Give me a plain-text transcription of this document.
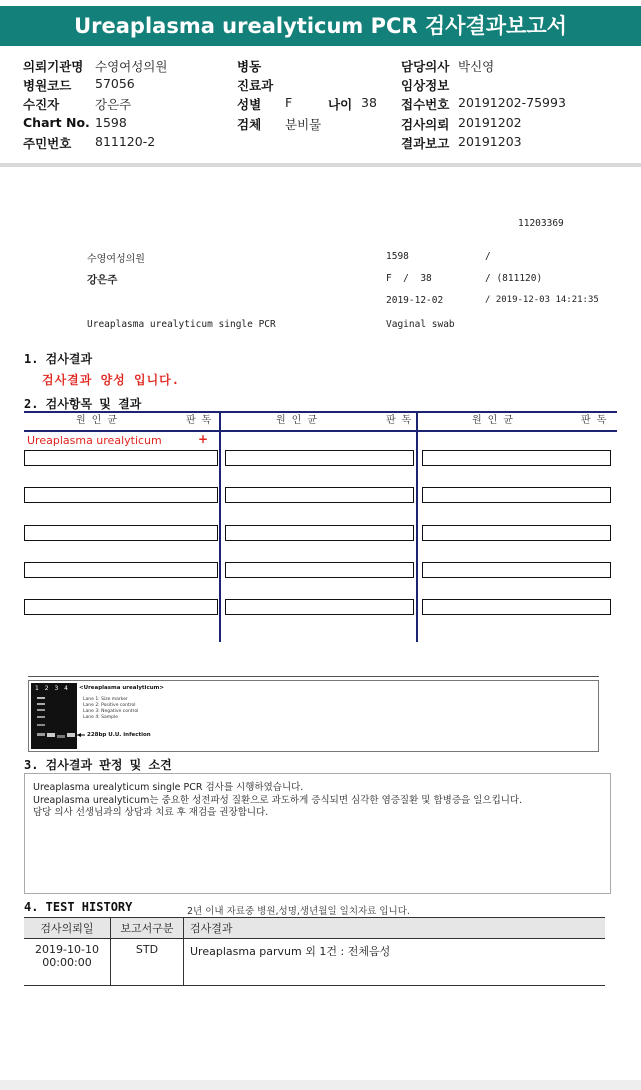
Ureaplasma urealyticum PCR 검사결과보고서
의뢰기관명 수영여성의원
병원코드 57056
수진자	강은주
Chart No. 1598
주민번호 811120-2
병동
진료과
성별 F	나이 38
검체 분비물
담당의사 박신영
임상정보
접수번호 20191202-75993
검사의뢰 20191202
결과보고 20191203
11203369
수영여성의원	1598	/
강은주	F  /  38	/ (811120)
2019-12-02	/ 2019-12-03 14:21:35
Ureaplasma urealyticum single PCR	Vaginal swab
1. 검사결과
검사결과 양성 입니다.
2. 검사항목 및 결과
원 인 균	판 독	원 인 균	판 독	원 인 균	판 독
Ureaplasma urealyticum	+
1 2 3 4 <Ureaplasma urealyticum>
Lane 1: Size marker
Lane 2: Positive control
Lane 3: Negative control
Lane 4: Sample
228bp U.U. infection
3. 검사결과 판정 및 소견
Ureaplasma urealyticum single PCR 검사를 시행하였습니다.
Ureaplasma urealyticum는 중요한 성전파성 질환으로 과도하게 증식되면 심각한 염증질환 및 합병증을 일으킵니다.
담당 의사 선생님과의 상담과 치료 후 재검을 권장합니다.
4. TEST HISTORY	2년 이내 자료중 병원,성명,생년월일 일치자료 입니다.
검사의뢰일	보고서구분	검사결과

2019-10-10
00:00:00	STD	Ureaplasma parvum 외 1건 : 전체음성
